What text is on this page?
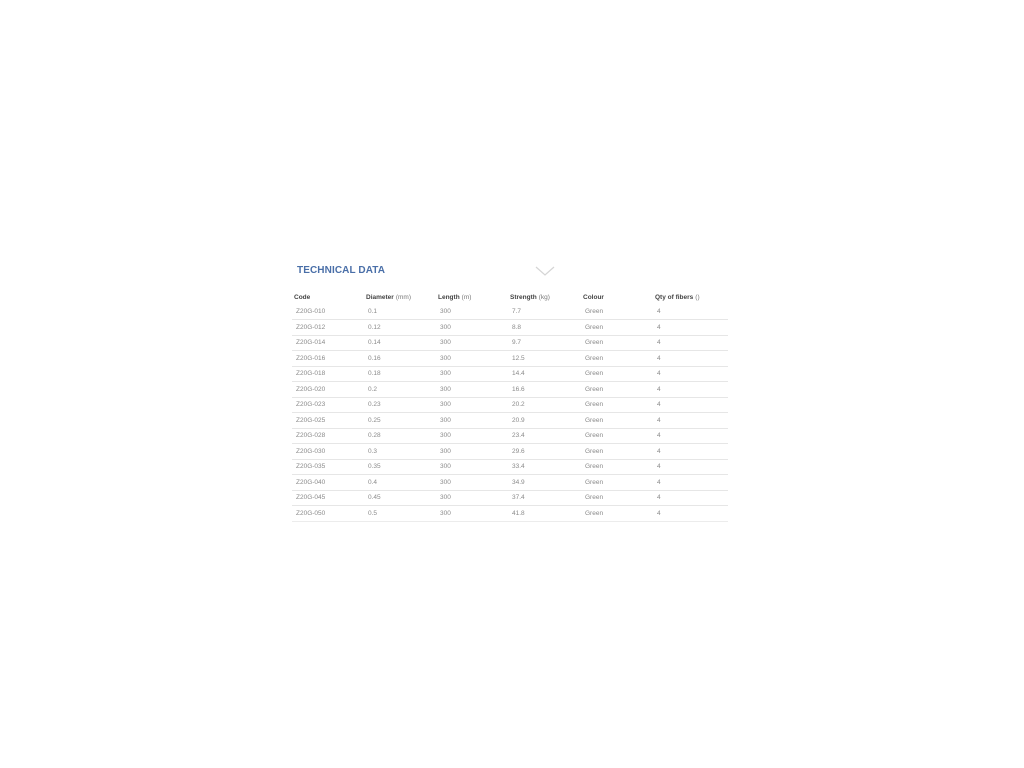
TECHNICAL DATA
Code	Diameter (mm)	Length (m)	Strength (kg)	Colour	Qty of fibers ()
Z20G-010	0.1	300	7.7	Green	4
Z20G-012	0.12	300	8.8	Green	4
Z20G-014	0.14	300	9.7	Green	4
Z20G-016	0.16	300	12.5	Green	4
Z20G-018	0.18	300	14.4	Green	4
Z20G-020	0.2	300	16.6	Green	4
Z20G-023	0.23	300	20.2	Green	4
Z20G-025	0.25	300	20.9	Green	4
Z20G-028	0.28	300	23.4	Green	4
Z20G-030	0.3	300	29.6	Green	4
Z20G-035	0.35	300	33.4	Green	4
Z20G-040	0.4	300	34.9	Green	4
Z20G-045	0.45	300	37.4	Green	4
Z20G-050	0.5	300	41.8	Green	4
